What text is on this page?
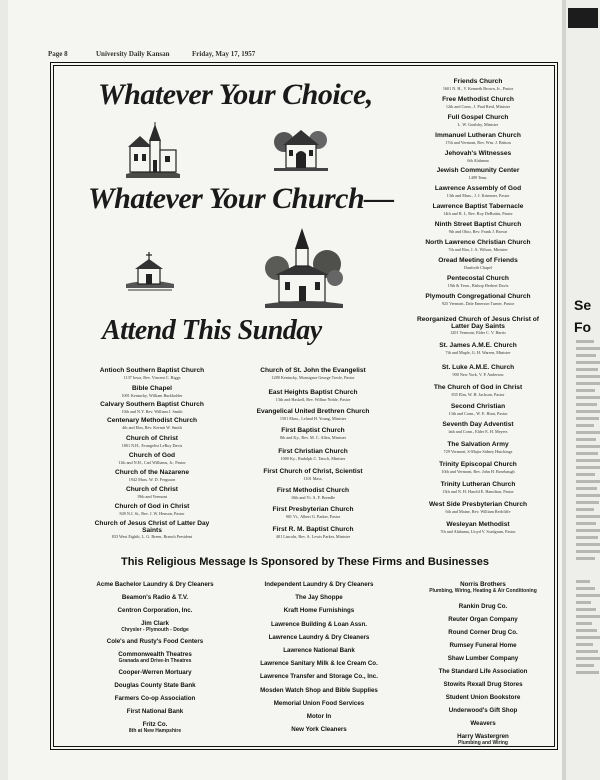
Page 8	University Daily Kansan	Friday, May 17, 1957
Whatever Your Choice,
Whatever Your Church—
Attend This Sunday
Antioch Southern Baptist Church
1137 Iowa, Rev. Vincent C. Riggs
Bible Chapel
1001 Kentucky, William Burkholder
Calvary Southern Baptist Church
10th and N.Y. Rev. William J. Smith
Centenary Methodist Church
4th and Elm, Rev. Kermit W. Smith
Church of Christ
1801 N.H., Evangelist LeRoy Davis
Church of God
11th and N.H., Carl Williams, Jr., Pastor
Church of the Nazarene
1942 Mass. W. D. Ferguson
Church of Christ
19th and Vermont
Church of God in Christ
849 N.J. St., Rev. J. W. Henson, Pastor
Church of Jesus Christ of Latter Day Saints
833 West Eighth, L. G. Breen, Branch President
Church of St. John the Evangelist
1280 Kentucky, Monsignor George Towle, Pastor
East Heights Baptist Church
13th and Haskell, Rev. Wilbur Noble, Pastor
Evangelical United Brethren Church
1501 Mass., Leland H. Young, Minister
First Baptist Church
8th and Ky., Rev. M. C. Allen, Minister
First Christian Church
1000 Ky., Rudolph C. Tatsch, Minister
First Church of Christ, Scientist
1101 Mass.
First Methodist Church
10th and Vt. A. F. Brendle
First Presbyterian Church
901 Vt., Albert G. Parker, Pastor
First R. M. Baptist Church
401 Lincoln, Rev. A. Lewis Parker, Minister
Friends Church
1601 N. H., V. Kenneth Brown, Jr., Pastor
Free Methodist Church
12th and Conn., J. Paul Reid, Minister
Full Gospel Church
L. W. Goulsby, Minister
Immanuel Lutheran Church
17th and Vermont, Rev. Wm. J. Britton
Jehovah's Witnesses
6th Alabama
Jewish Community Center
1409 Tenn.
Lawrence Assembly of God
13th and Mass., J. J. Krimmer, Pastor
Lawrence Baptist Tabernacle
14th and R. I., Rev. Roy DeRuttin, Pastor
Ninth Street Baptist Church
9th and Ohio, Rev. Frank J. Brown
North Lawrence Christian Church
7th and Elm, J. A. Wilson, Minister
Oread Meeting of Friends
Danforth Chapel
Pentecostal Church
19th & Tenn., Bishop Herbert Davis
Plymouth Congregational Church
925 Vermont, Dale Emerson Turner, Pastor
Reorganized Church of Jesus Christ of Latter Day Saints
1201 Vermont, Elder C. V. Harris
St. James A.M.E. Church
7th and Maple, G. H. Warren, Minister
St. Luke A.M.E. Church
900 New York, V. P. Anderson
The Church of God in Christ
835 Elm, W. H. Jackson, Pastor
Second Christian
13th and Conn., W. E. Hunt, Pastor
Seventh Day Adventist
lath and Conn., Elder E. H. Meyers
The Salvation Army
729 Vermont, S-Major Sidney Hutchings
Trinity Episcopal Church
10th and Vermont, Rev. John H. Bosebaugh
Trinity Lutheran Church
13th and N. H. Harold E. Hamilton, Pastor
West Side Presbyterian Church
6th and Maine, Rev. William Redcliffe
Wesleyan Methodist
7th and Alabama, Lloyd V. Scadgram, Pastor
This Religious Message Is Sponsored by These Firms and Businesses
Acme Bachelor Laundry & Dry Cleaners
Beamon's Radio & T.V.
Centron Corporation, Inc.
Jim Clark
Chrysler - Plymouth - Dodge
Cole's and Rusty's Food Centers
Commonwealth Theatres
Granada and Drive-In Theatres
Cooper-Werren Mortuary
Douglas County State Bank
Farmers Co-op Association
First National Bank
Fritz Co.
8th at New Hampshire
Independent Laundry & Dry Cleaners
The Jay Shoppe
Kraft Home Furnishings
Lawrence Building & Loan Assn.
Lawrence Laundry & Dry Cleaners
Lawrence National Bank
Lawrence Sanitary Milk & Ice Cream Co.
Lawrence Transfer and Storage Co., Inc.
Mosden Watch Shop and Bible Supplies
Memorial Union Food Services
Motor In
New York Cleaners
Norris Brothers
Plumbing, Wiring, Heating & Air Conditioning
Rankin Drug Co.
Reuter Organ Company
Round Corner Drug Co.
Rumsey Funeral Home
Shaw Lumber Company
The Standard Life Association
Stowits Rexall Drug Stores
Student Union Bookstore
Underwood's Gift Shop
Weavers
Harry Wastergren
Plumbing and Wiring
Se
Fo
